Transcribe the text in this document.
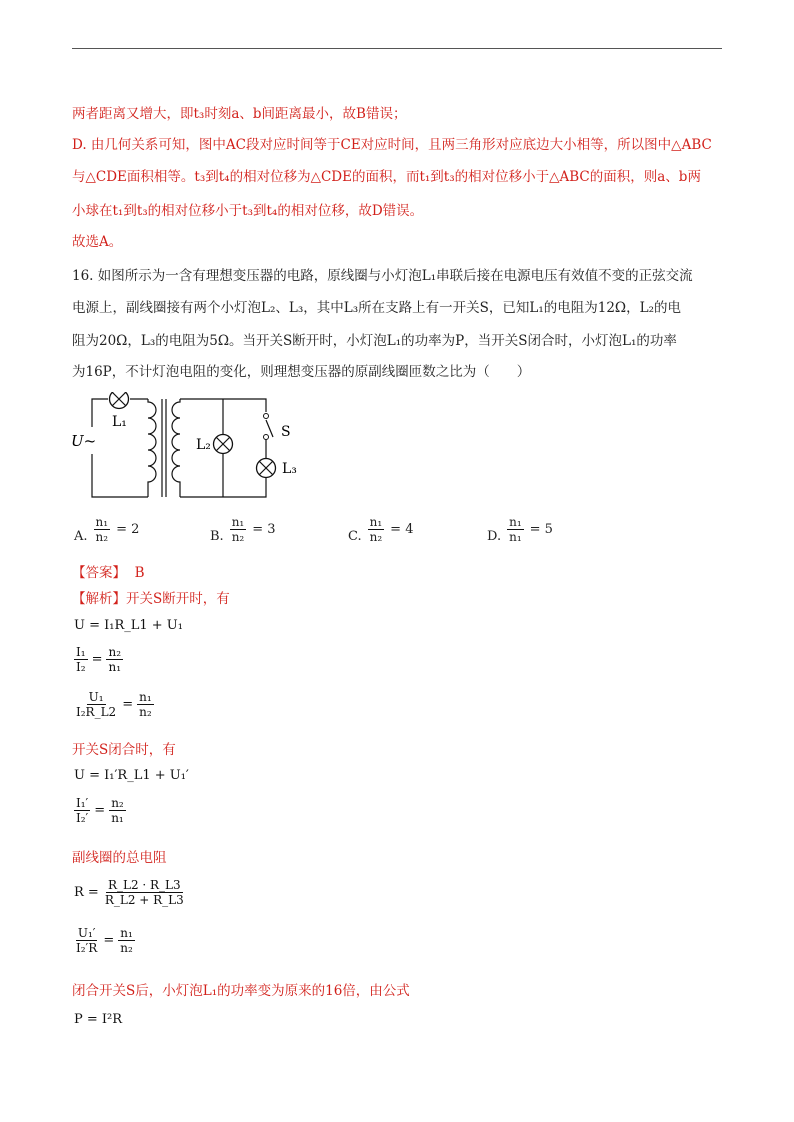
两者距离又增大，即t₃时刻a、b间距离最小，故B错误；
D. 由几何关系可知，图中AC段对应时间等于CE对应时间，且两三角形对应底边大小相等，所以图中△ABC
与△CDE面积相等。t₃到t₄的相对位移为△CDE的面积，而t₁到t₃的相对位移小于△ABC的面积，则a、b两
小球在t₁到t₃的相对位移小于t₃到t₄的相对位移，故D错误。
故选A。
16. 如图所示为一含有理想变压器的电路，原线圈与小灯泡L₁串联后接在电源电压有效值不变的正弦交流
电源上，副线圈接有两个小灯泡L₂、L₃，其中L₃所在支路上有一开关S，已知L₁的电阻为12Ω，L₂的电
阻为20Ω，L₃的电阻为5Ω。当开关S断开时，小灯泡L₁的功率为P，当开关S闭合时，小灯泡L₁的功率
为16P，不计灯泡电阻的变化，则理想变压器的原副线圈匝数之比为（　　）
U~
L₁
L₂
L₃
S
A. $\frac{\text{n₁}}{\text{n₂}} = 2$	B. $\frac{\text{n₁}}{\text{n₂}} = 3$	C. $\frac{\text{n₁}}{\text{n₂}} = 4$	D. $\frac{\text{n₁}}{\text{n₁}} = 5$
【答案】 B
【解析】开关S断开时，有
U = I₁R_L1 + U₁
$\frac{\text{I₁}}{\text{I₂}} = \frac{\text{n₂}}{\text{n₁}}$
$\frac{\text{U₁}}{\text{I₂R\_L2}} = \frac{\text{n₁}}{\text{n₂}}$
开关S闭合时，有
U = I₁′R_L1 + U₁′
$\frac{\text{I₁′}}{\text{I₂′}} = \frac{\text{n₂}}{\text{n₁}}$
副线圈的总电阻
$R = \frac{R\_L2 \cdot R\_L3}{R\_L2 + R\_L3}$
$\frac{\text{U₁′}}{\text{I₂′R}} = \frac{\text{n₁}}{\text{n₂}}$
闭合开关S后，小灯泡L₁的功率变为原来的16倍，由公式
P = I²R
